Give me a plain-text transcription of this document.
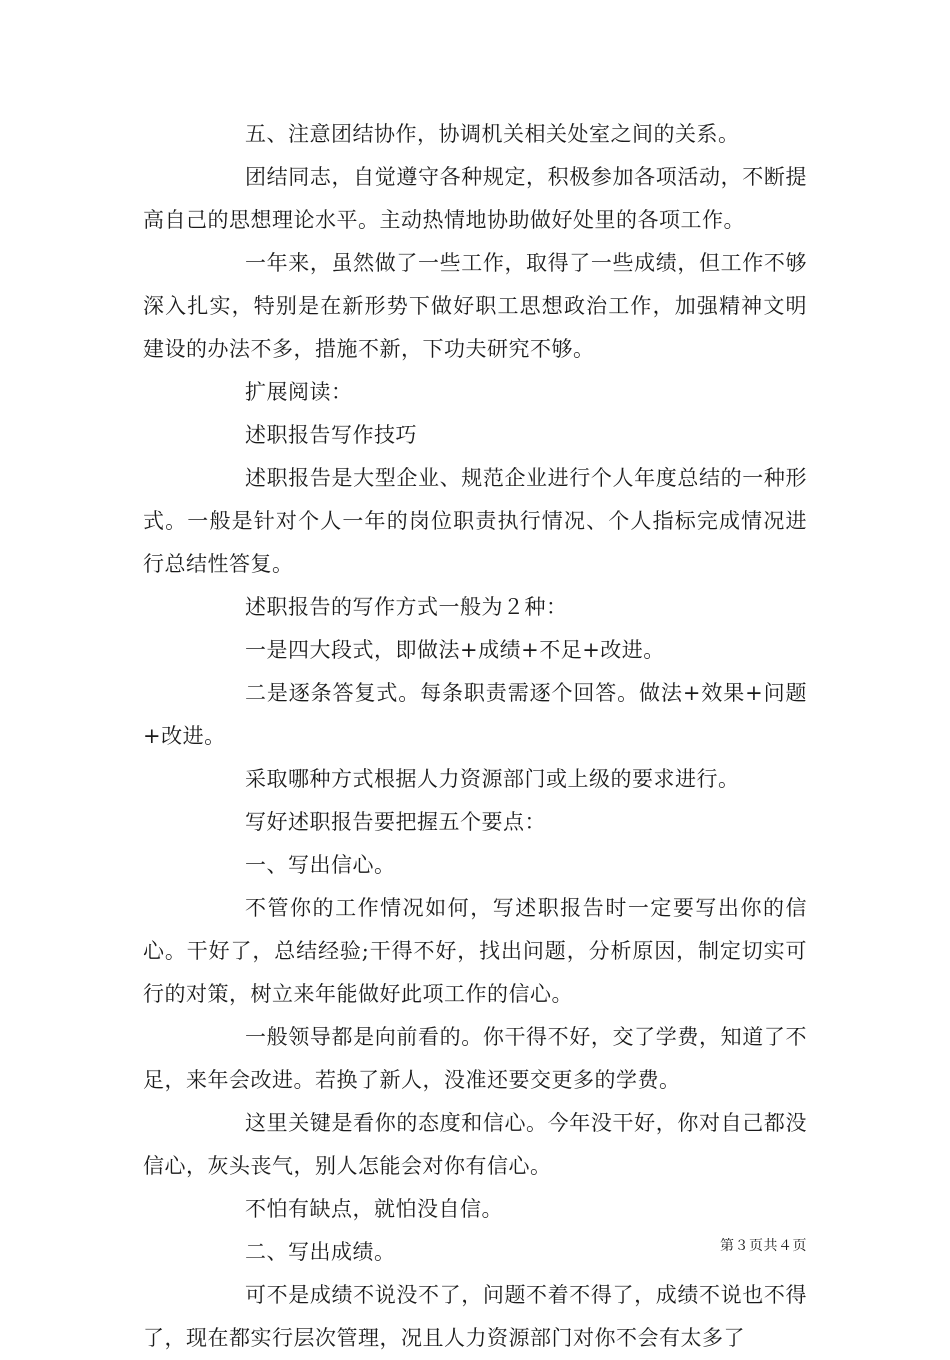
五、注意团结协作，协调机关相关处室之间的关系。

团结同志，自觉遵守各种规定，积极参加各项活动，不断提高自己的思想理论水平。主动热情地协助做好处里的各项工作。

一年来，虽然做了一些工作，取得了一些成绩，但工作不够深入扎实，特别是在新形势下做好职工思想政治工作，加强精神文明建设的办法不多，措施不新，下功夫研究不够。

扩展阅读：

述职报告写作技巧

述职报告是大型企业、规范企业进行个人年度总结的一种形式。一般是针对个人一年的岗位职责执行情况、个人指标完成情况进行总结性答复。

述职报告的写作方式一般为２种：

一是四大段式，即做法+成绩+不足+改进。

二是逐条答复式。每条职责需逐个回答。做法+效果+问题+改进。

采取哪种方式根据人力资源部门或上级的要求进行。

写好述职报告要把握五个要点：

一、写出信心。

不管你的工作情况如何，写述职报告时一定要写出你的信心。干好了，总结经验;干得不好，找出问题，分析原因，制定切实可行的对策，树立来年能做好此项工作的信心。

一般领导都是向前看的。你干得不好，交了学费，知道了不足，来年会改进。若换了新人，没准还要交更多的学费。

这里关键是看你的态度和信心。今年没干好，你对自己都没信心，灰头丧气，别人怎能会对你有信心。

不怕有缺点，就怕没自信。

二、写出成绩。

可不是成绩不说没不了，问题不着不得了，成绩不说也不得了，现在都实行层次管理，况且人力资源部门对你不会有太多了

第３页共４页
